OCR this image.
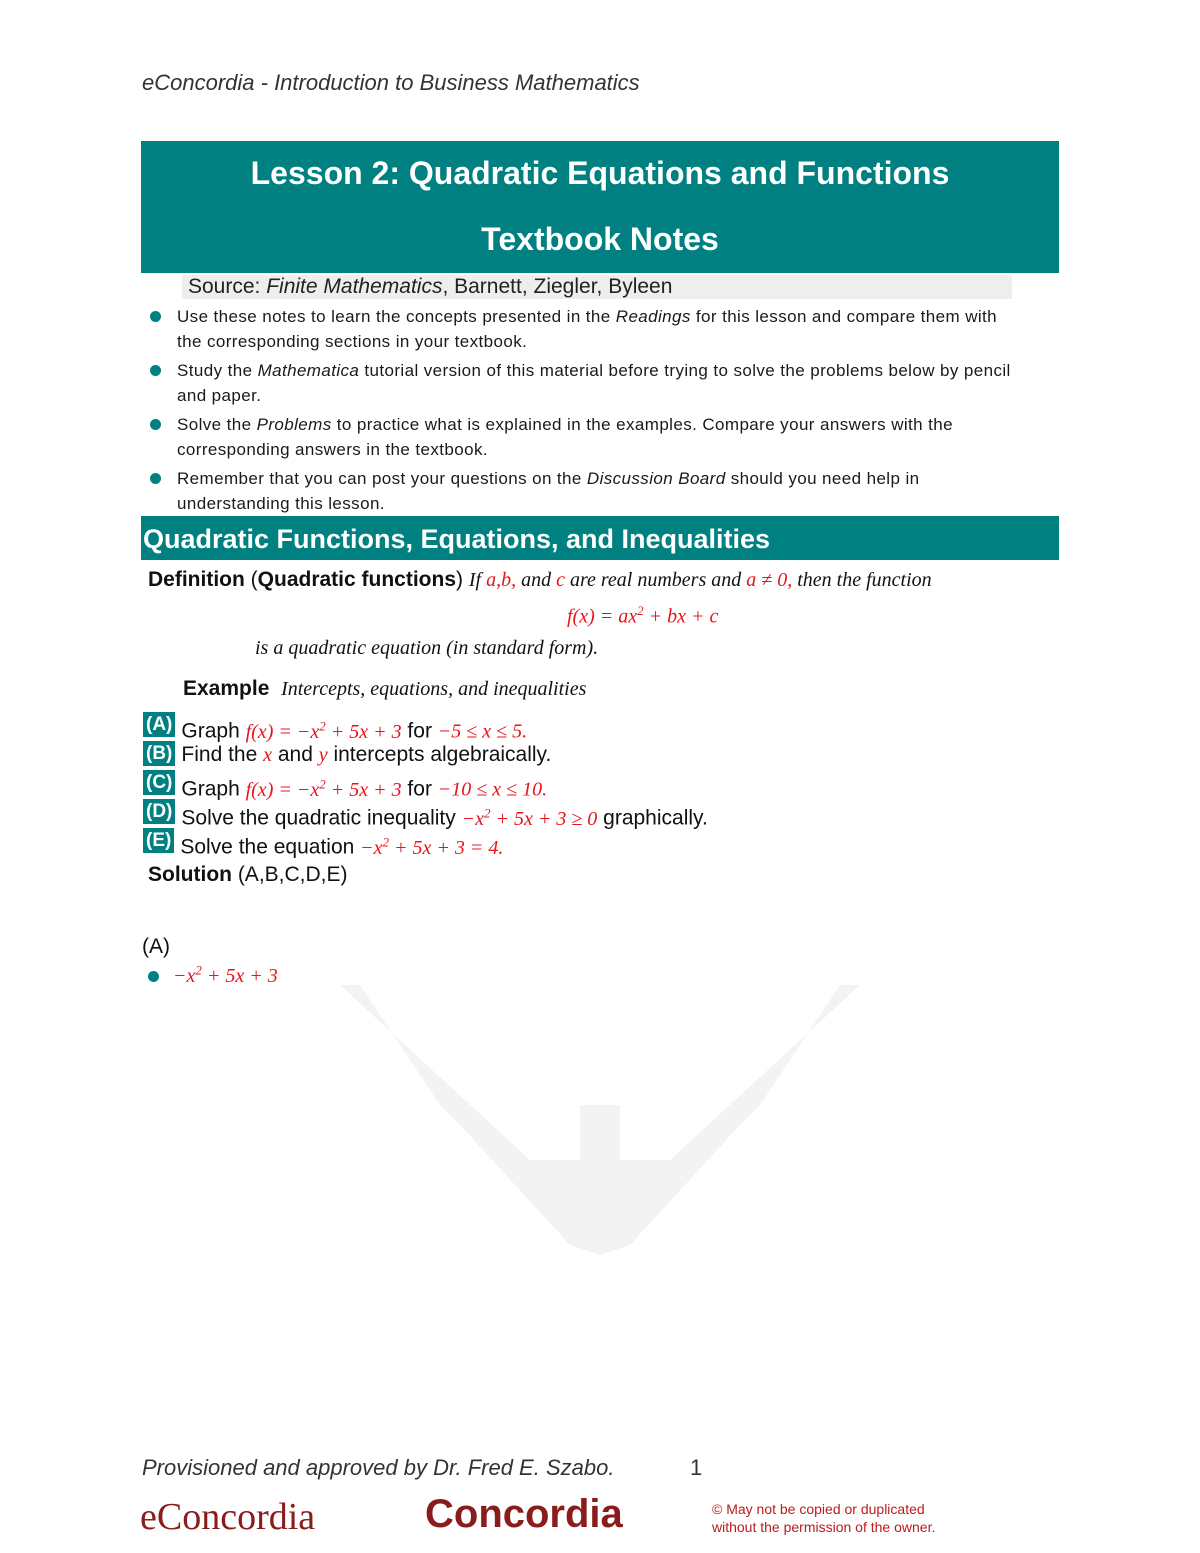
eConcordia - Introduction to Business Mathematics
Lesson 2: Quadratic Equations and Functions
Textbook Notes
Source: Finite Mathematics, Barnett, Ziegler, Byleen
Use these notes to learn the concepts presented in the Readings for this lesson and compare them with the corresponding sections in your textbook.
Study the Mathematica tutorial version of this material before trying to solve the problems below by pencil and paper.
Solve the Problems to practice what is explained in the examples. Compare your answers with the corresponding answers in the textbook.
Remember that you can post your questions on the Discussion Board should you need help in understanding this lesson.
Quadratic Functions, Equations, and Inequalities
Definition (Quadratic functions) If a,b, and c are real numbers and a ≠ 0, then the function
$f(x) = ax^2$ + bx + c
is a quadratic equation (in standard form).
Example Intercepts, equations, and inequalities
(A) Graph $f(x) = -x^2 + 5x + 3$ for −5 ≤ x ≤ 5.
(B) Find the x and y intercepts algebraically.
(C) Graph $f(x) = -x^2 + 5x + 3$ for −10 ≤ x ≤ 10.
(D) Solve the quadratic inequality $-x^2 + 5x + 3 \ge 0$ graphically.
(E) Solve the equation $-x^2 + 5x + 3 = 4$.
Solution (A,B,C,D,E)
(A)
$-x^2 + 5x + 3$
Provisioned and approved by Dr. Fred E. Szabo.	1
eConcordia	Concordia	© May not be copied or duplicated
without the permission of the owner.
